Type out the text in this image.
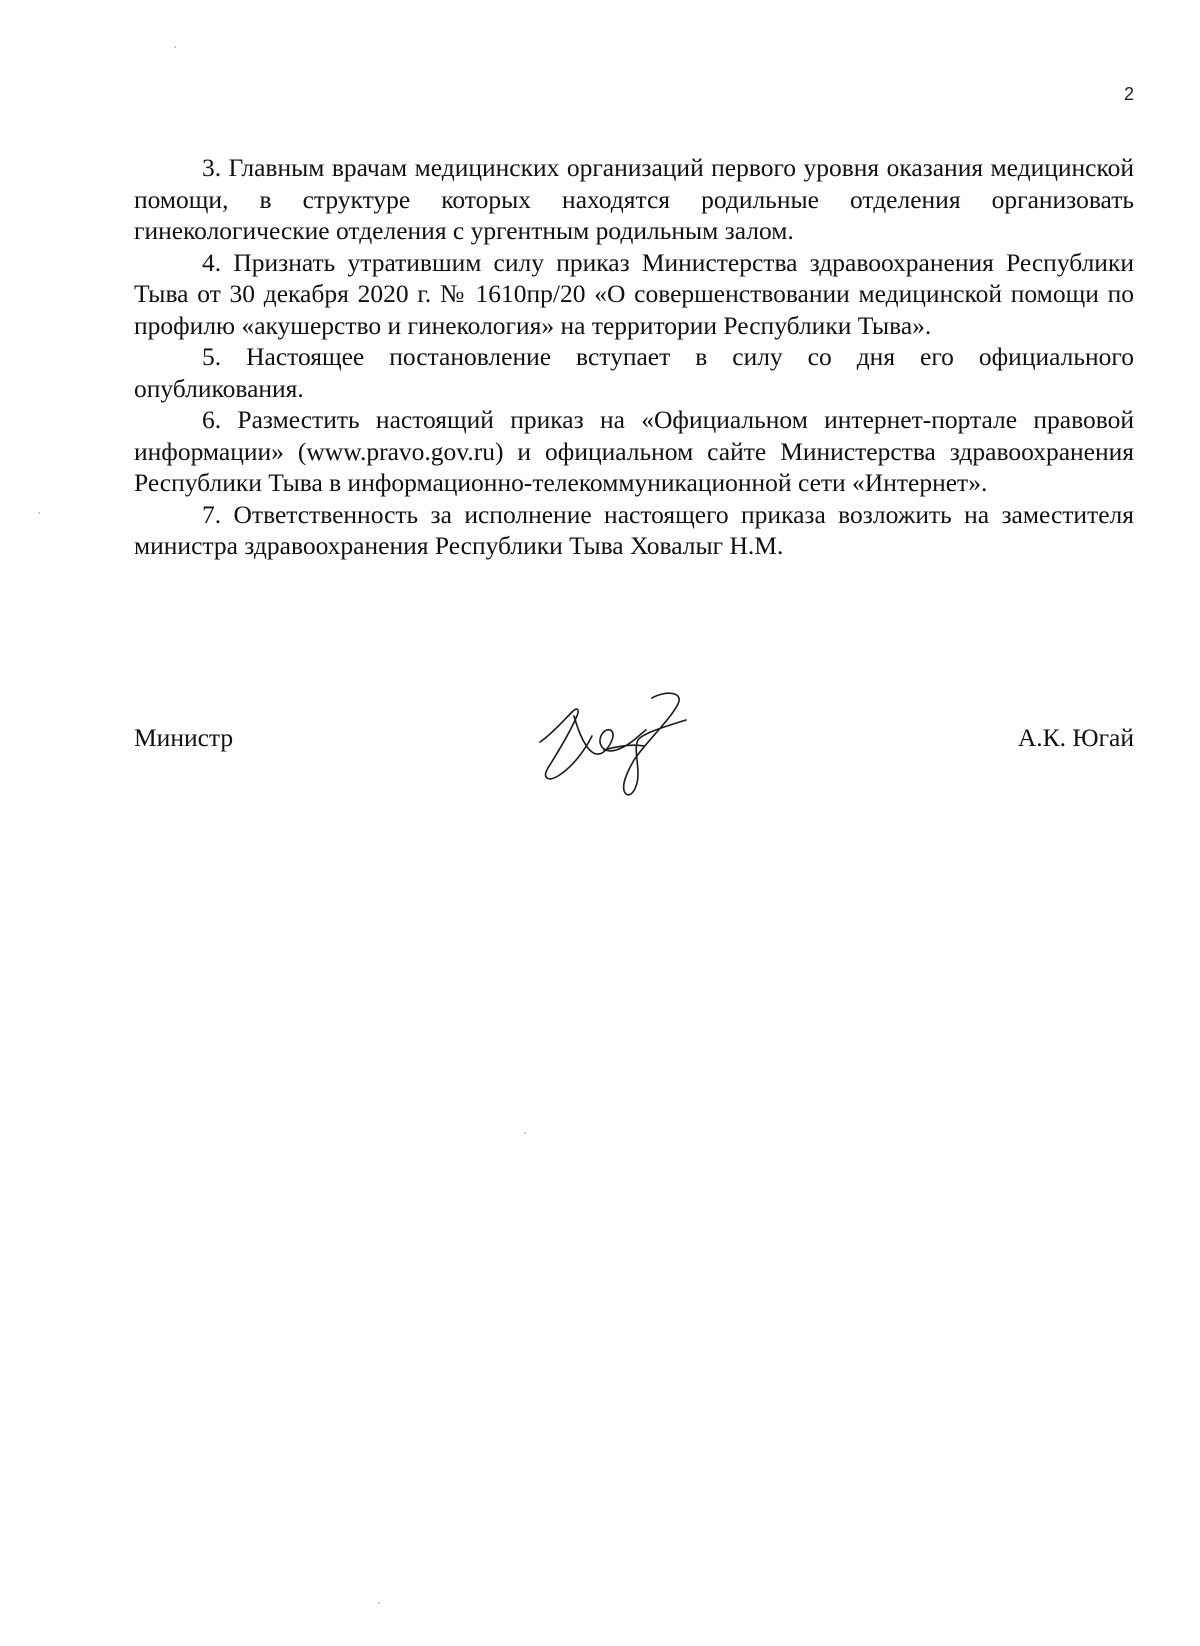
2

3. Главным врачам медицинских организаций первого уровня оказания медицинской помощи, в структуре которых находятся родильные отделения организовать гинекологические отделения с ургентным родильным залом.

4. Признать утратившим силу приказ Министерства здравоохранения Республики Тыва от 30 декабря 2020 г. № 1610пр/20 «О совершенствовании медицинской помощи по профилю «акушерство и гинекология» на территории Республики Тыва».

5. Настоящее постановление вступает в силу со дня его официального опубликования.

6. Разместить настоящий приказ на «Официальном интернет-портале правовой информации» (www.pravo.gov.ru) и официальном сайте Министерства здравоохранения Республики Тыва в информационно-телекоммуникационной сети «Интернет».

7. Ответственность за исполнение настоящего приказа возложить на заместителя министра здравоохранения Республики Тыва Ховалыг Н.М.

Министр	А.К. Югай
